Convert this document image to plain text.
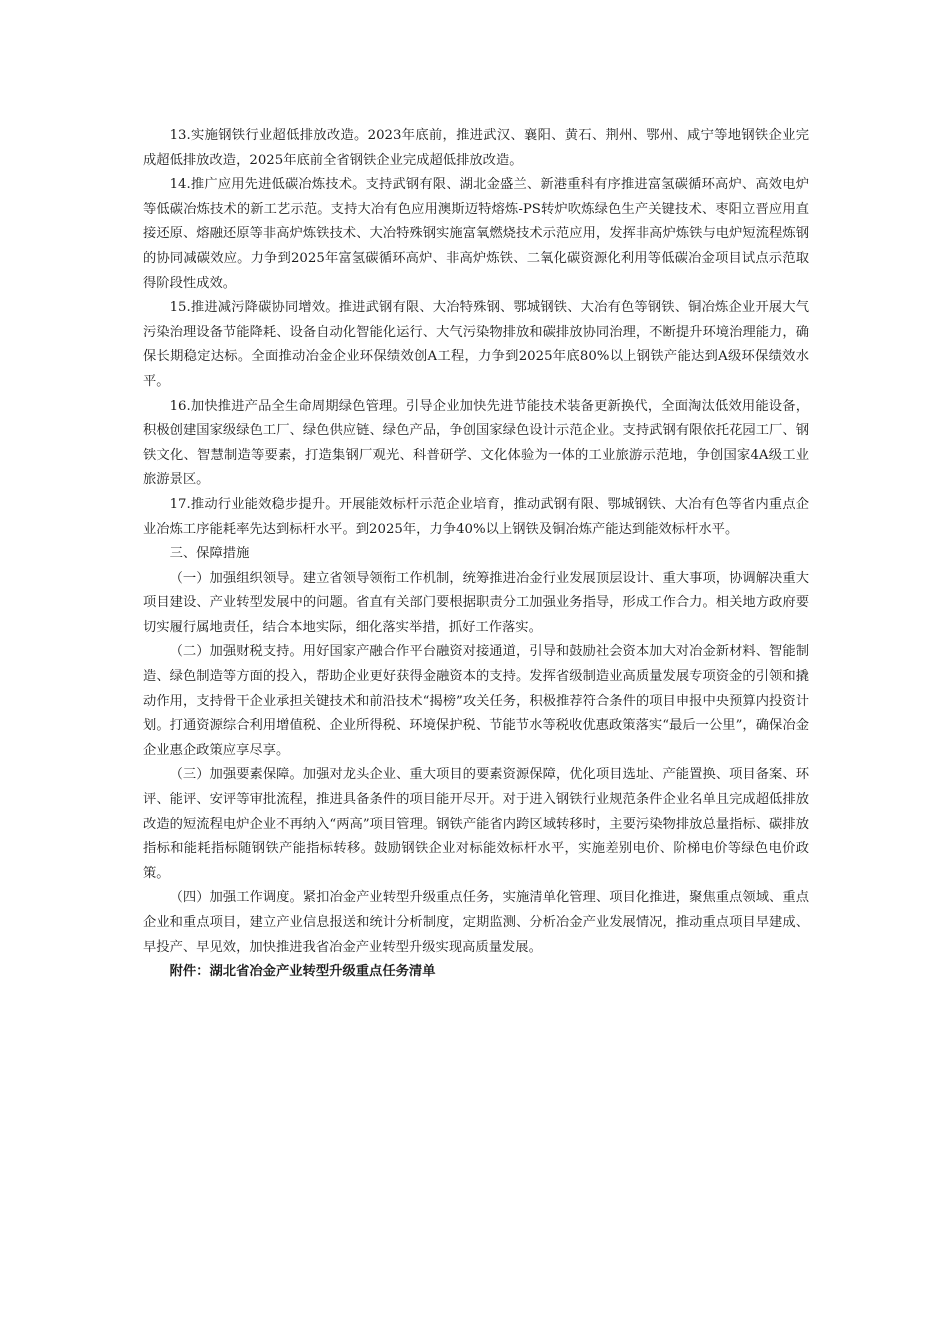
13.实施钢铁行业超低排放改造。2023年底前，推进武汉、襄阳、黄石、荆州、鄂州、咸宁等地钢铁企业完成超低排放改造，2025年底前全省钢铁企业完成超低排放改造。

14.推广应用先进低碳冶炼技术。支持武钢有限、湖北金盛兰、新港重科有序推进富氢碳循环高炉、高效电炉等低碳冶炼技术的新工艺示范。支持大冶有色应用澳斯迈特熔炼-PS转炉吹炼绿色生产关键技术、枣阳立晋应用直接还原、熔融还原等非高炉炼铁技术、大冶特殊钢实施富氧燃烧技术示范应用，发挥非高炉炼铁与电炉短流程炼钢的协同减碳效应。力争到2025年富氢碳循环高炉、非高炉炼铁、二氧化碳资源化利用等低碳冶金项目试点示范取得阶段性成效。

15.推进减污降碳协同增效。推进武钢有限、大冶特殊钢、鄂城钢铁、大冶有色等钢铁、铜冶炼企业开展大气污染治理设备节能降耗、设备自动化智能化运行、大气污染物排放和碳排放协同治理，不断提升环境治理能力，确保长期稳定达标。全面推动冶金企业环保绩效创A工程，力争到2025年底80%以上钢铁产能达到A级环保绩效水平。

16.加快推进产品全生命周期绿色管理。引导企业加快先进节能技术装备更新换代，全面淘汰低效用能设备，积极创建国家级绿色工厂、绿色供应链、绿色产品，争创国家绿色设计示范企业。支持武钢有限依托花园工厂、钢铁文化、智慧制造等要素，打造集钢厂观光、科普研学、文化体验为一体的工业旅游示范地，争创国家4A级工业旅游景区。

17.推动行业能效稳步提升。开展能效标杆示范企业培育，推动武钢有限、鄂城钢铁、大冶有色等省内重点企业冶炼工序能耗率先达到标杆水平。到2025年，力争40%以上钢铁及铜冶炼产能达到能效标杆水平。

三、保障措施

（一）加强组织领导。建立省领导领衔工作机制，统筹推进冶金行业发展顶层设计、重大事项，协调解决重大项目建设、产业转型发展中的问题。省直有关部门要根据职责分工加强业务指导，形成工作合力。相关地方政府要切实履行属地责任，结合本地实际，细化落实举措，抓好工作落实。

（二）加强财税支持。用好国家产融合作平台融资对接通道，引导和鼓励社会资本加大对冶金新材料、智能制造、绿色制造等方面的投入，帮助企业更好获得金融资本的支持。发挥省级制造业高质量发展专项资金的引领和撬动作用，支持骨干企业承担关键技术和前沿技术“揭榜”攻关任务，积极推荐符合条件的项目申报中央预算内投资计划。打通资源综合利用增值税、企业所得税、环境保护税、节能节水等税收优惠政策落实“最后一公里”，确保冶金企业惠企政策应享尽享。

（三）加强要素保障。加强对龙头企业、重大项目的要素资源保障，优化项目选址、产能置换、项目备案、环评、能评、安评等审批流程，推进具备条件的项目能开尽开。对于进入钢铁行业规范条件企业名单且完成超低排放改造的短流程电炉企业不再纳入“两高”项目管理。钢铁产能省内跨区域转移时，主要污染物排放总量指标、碳排放指标和能耗指标随钢铁产能指标转移。鼓励钢铁企业对标能效标杆水平，实施差别电价、阶梯电价等绿色电价政策。

（四）加强工作调度。紧扣冶金产业转型升级重点任务，实施清单化管理、项目化推进，聚焦重点领域、重点企业和重点项目，建立产业信息报送和统计分析制度，定期监测、分析冶金产业发展情况，推动重点项目早建成、早投产、早见效，加快推进我省冶金产业转型升级实现高质量发展。

附件：湖北省冶金产业转型升级重点任务清单
